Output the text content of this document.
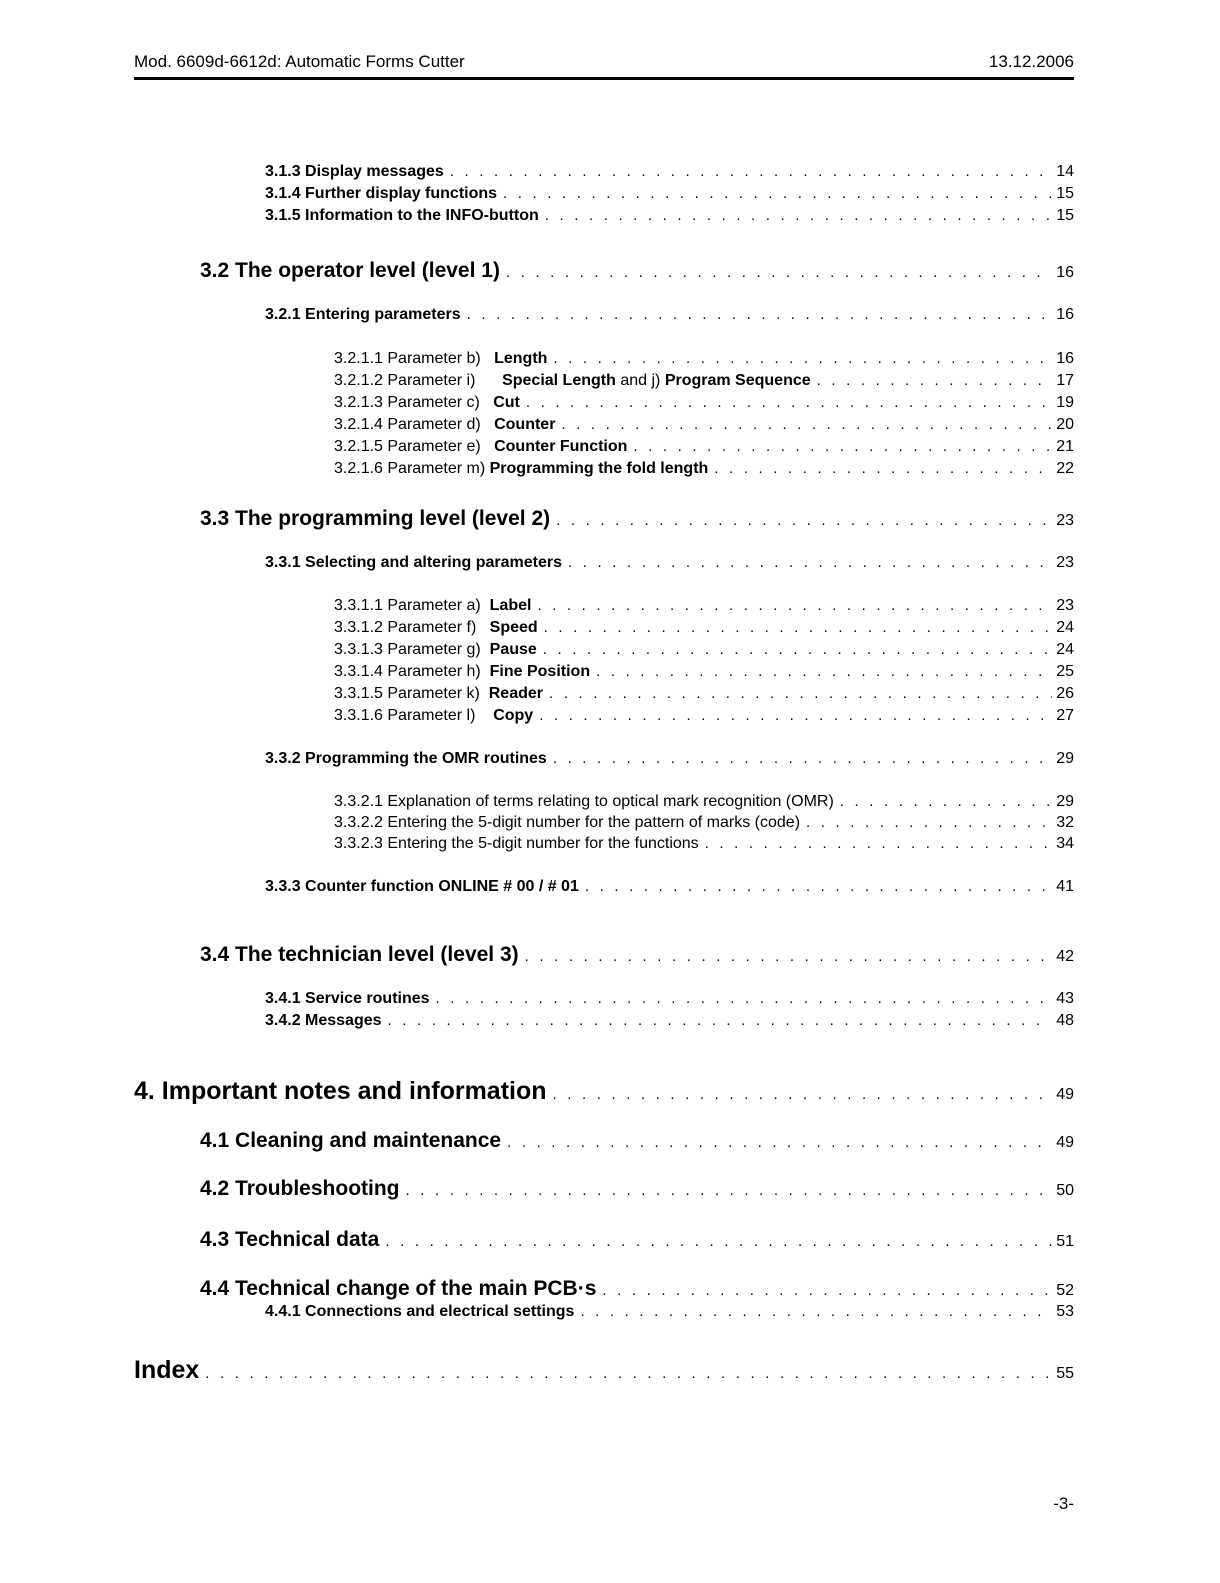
Mod. 6609d-6612d: Automatic Forms Cutter	13.12.2006
3.1.3 Display messages . . .	14
3.1.4 Further display functions . . .	15
3.1.5 Information to the INFO-button . . .	15
3.2 The operator level (level 1) . . .	16
3.2.1 Entering parameters . . .	16
3.2.1.1 Parameter b) Length . . .	16
3.2.1.2 Parameter i) Special Length and j) Program Sequence . . .	17
3.2.1.3 Parameter c) Cut . . .	19
3.2.1.4 Parameter d) Counter . . .	20
3.2.1.5 Parameter e) Counter Function . . .	21
3.2.1.6 Parameter m) Programming the fold length . . .	22
3.3 The programming level (level 2) . . .	23
3.3.1 Selecting and altering parameters . . .	23
3.3.1.1 Parameter a) Label . . .	23
3.3.1.2 Parameter f) Speed . . .	24
3.3.1.3 Parameter g) Pause . . .	24
3.3.1.4 Parameter h) Fine Position . . .	25
3.3.1.5 Parameter k) Reader . . .	26
3.3.1.6 Parameter l) Copy . . .	27
3.3.2 Programming the OMR routines . . .	29
3.3.2.1 Explanation of terms relating to optical mark recognition (OMR) . . .	29
3.3.2.2 Entering the 5-digit number for the pattern of marks (code) . . .	32
3.3.2.3 Entering the 5-digit number for the functions . . .	34
3.3.3 Counter function ONLINE # 00 / # 01 . . .	41
3.4 The technician level (level 3) . . .	42
3.4.1 Service routines . . .	43
3.4.2 Messages . . .	48
4. Important notes and information . . .	49
4.1 Cleaning and maintenance . . .	49
4.2 Troubleshooting . . .	50
4.3 Technical data . . .	51
4.4 Technical change of the main PCB·s . . .	52
4.4.1 Connections and electrical settings . . .	53
Index . . .	55
-3-
